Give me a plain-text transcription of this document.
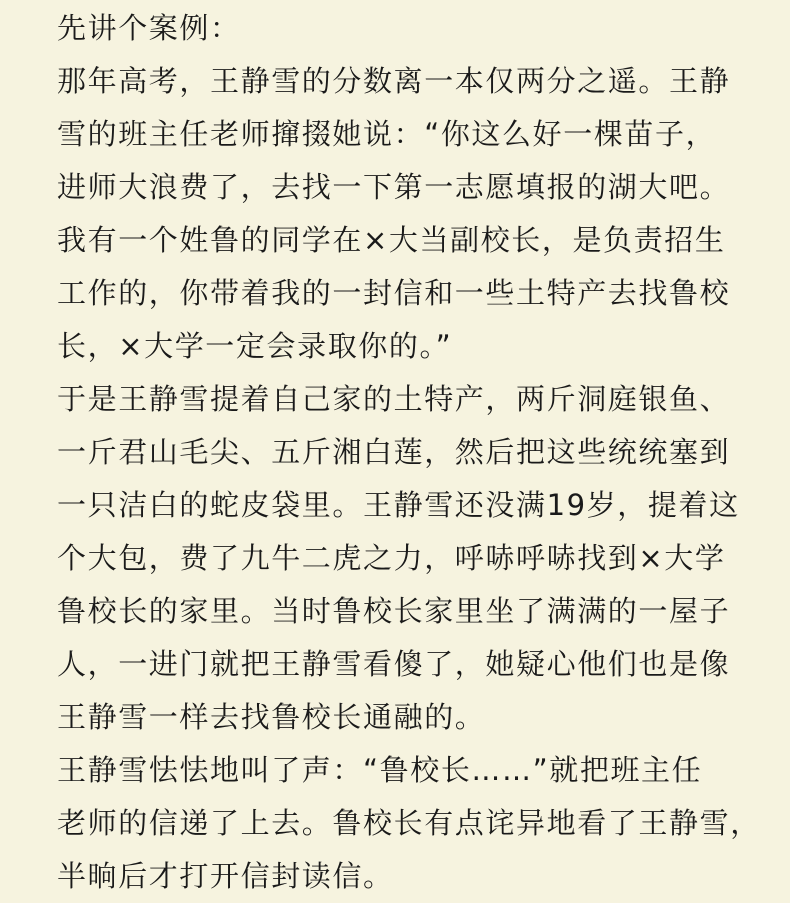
先讲个案例：
那年高考，王静雪的分数离一本仅两分之遥。王静
雪的班主任老师撺掇她说：“你这么好一棵苗子，
进师大浪费了，去找一下第一志愿填报的湖大吧。
我有一个姓鲁的同学在×大当副校长，是负责招生
工作的，你带着我的一封信和一些土特产去找鲁校
长，×大学一定会录取你的。”
于是王静雪提着自己家的土特产，两斤洞庭银鱼、
一斤君山毛尖、五斤湘白莲，然后把这些统统塞到
一只洁白的蛇皮袋里。王静雪还没满19岁，提着这
个大包，费了九牛二虎之力，呼哧呼哧找到×大学
鲁校长的家里。当时鲁校长家里坐了满满的一屋子
人，一进门就把王静雪看傻了，她疑心他们也是像
王静雪一样去找鲁校长通融的。
王静雪怯怯地叫了声：“鲁校长……”就把班主任
老师的信递了上去。鲁校长有点诧异地看了王静雪，
半晌后才打开信封读信。
